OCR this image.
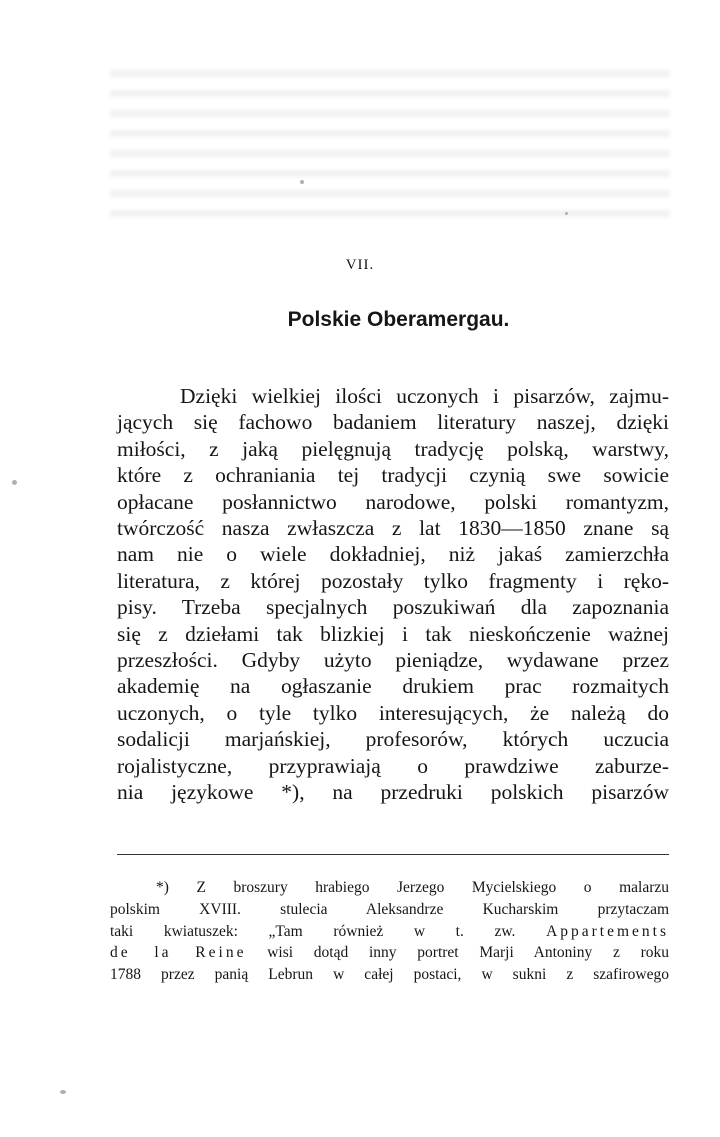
VII.
Polskie Oberamergau.
Dzięki wielkiej ilości uczonych i pisarzów, zajmu-
jących się fachowo badaniem literatury naszej, dzięki
miłości, z jaką pielęgnują tradycję polską, warstwy,
które z ochraniania tej tradycji czynią swe sowicie
opłacane posłannictwo narodowe, polski romantyzm,
twórczość nasza zwłaszcza z lat 1830—1850 znane są
nam nie o wiele dokładniej, niż jakaś zamierzchła
literatura, z której pozostały tylko fragmenty i ręko-
pisy. Trzeba specjalnych poszukiwań dla zapoznania
się z dziełami tak blizkiej i tak nieskończenie ważnej
przeszłości. Gdyby użyto pieniądze, wydawane przez
akademię na ogłaszanie drukiem prac rozmaitych
uczonych, o tyle tylko interesujących, że należą do
sodalicji marjańskiej, profesorów, których uczucia
rojalistyczne, przyprawiają o prawdziwe zaburze-
nia językowe *), na przedruki polskich pisarzów
*) Z broszury hrabiego Jerzego Mycielskiego o malarzu
polskim XVIII. stulecia Aleksandrze Kucharskim przytaczam
taki kwiatuszek: „Tam również w t. zw. Appartements
de la Reine wisi dotąd inny portret Marji Antoniny z roku
1788 przez panią Lebrun w całej postaci, w sukni z szafirowego
